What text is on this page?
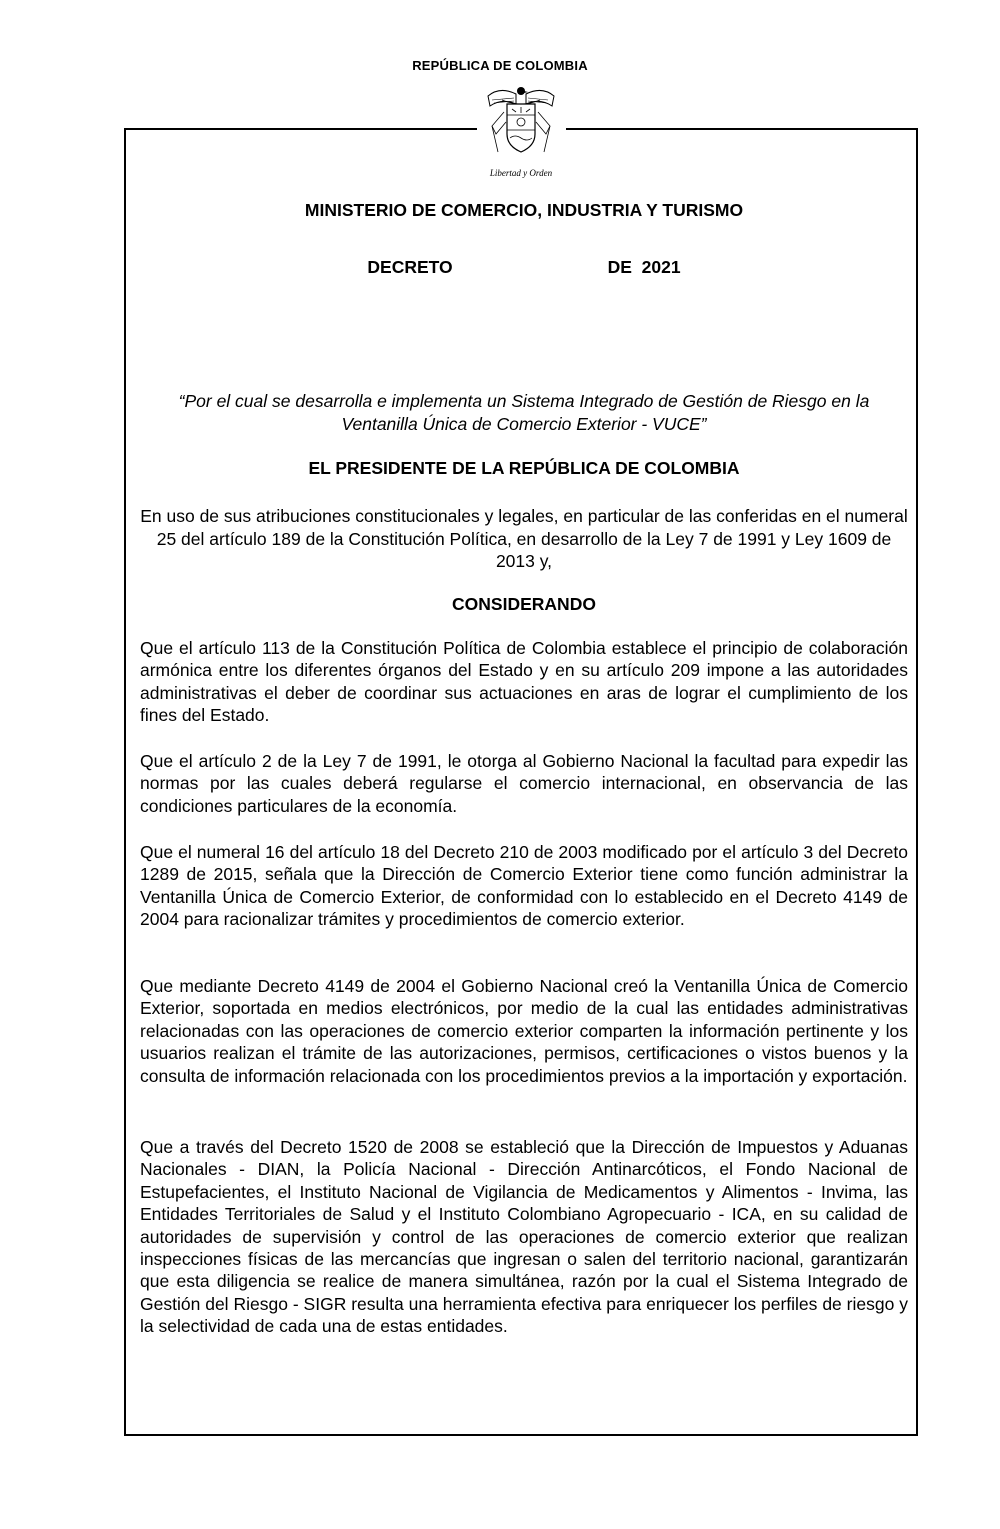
REPÚBLICA DE COLOMBIA
Libertad y Orden
MINISTERIO DE COMERCIO, INDUSTRIA Y TURISMO
DECRETO	DE  2021
“Por el cual se desarrolla e implementa un Sistema Integrado de Gestión de Riesgo en la Ventanilla Única de Comercio Exterior - VUCE”
EL PRESIDENTE DE LA REPÚBLICA DE COLOMBIA
En uso de sus atribuciones constitucionales y legales, en particular de las conferidas en el numeral 25 del artículo 189 de la Constitución Política, en desarrollo de la Ley 7 de 1991 y Ley 1609 de 2013 y,
CONSIDERANDO

Que el artículo 113 de la Constitución Política de Colombia establece el principio de colaboración armónica entre los diferentes órganos del Estado y en su artículo 209 impone a las autoridades administrativas el deber de coordinar sus actuaciones en aras de lograr el cumplimiento de los fines del Estado.

Que el artículo 2 de la Ley 7 de 1991, le otorga al Gobierno Nacional la facultad para expedir las normas por las cuales deberá regularse el comercio internacional, en observancia de las condiciones particulares de la economía.

Que el numeral 16 del artículo 18 del Decreto 210 de 2003 modificado por el artículo 3 del Decreto 1289 de 2015, señala que la Dirección de Comercio Exterior tiene como función administrar la Ventanilla Única de Comercio Exterior, de conformidad con lo establecido en el Decreto 4149 de 2004 para racionalizar trámites y procedimientos de comercio exterior.

Que mediante Decreto 4149 de 2004 el Gobierno Nacional creó la Ventanilla Única de Comercio Exterior, soportada en medios electrónicos, por medio de la cual las entidades administrativas relacionadas con las operaciones de comercio exterior comparten la información pertinente y los usuarios realizan el trámite de las autorizaciones, permisos, certificaciones o vistos buenos y la consulta de información relacionada con los procedimientos previos a la importación y exportación.

Que a través del Decreto 1520 de 2008 se estableció que la Dirección de Impuestos y Aduanas Nacionales - DIAN, la Policía Nacional - Dirección Antinarcóticos, el Fondo Nacional de Estupefacientes, el Instituto Nacional de Vigilancia de Medicamentos y Alimentos - Invima, las Entidades Territoriales de Salud y el Instituto Colombiano Agropecuario - ICA, en su calidad de autoridades de supervisión y control de las operaciones de comercio exterior que realizan inspecciones físicas de las mercancías que ingresan o salen del territorio nacional, garantizarán que esta diligencia se realice de manera simultánea, razón por la cual el Sistema Integrado de Gestión del Riesgo - SIGR resulta una herramienta efectiva para enriquecer los perfiles de riesgo y la selectividad de cada una de estas entidades.
